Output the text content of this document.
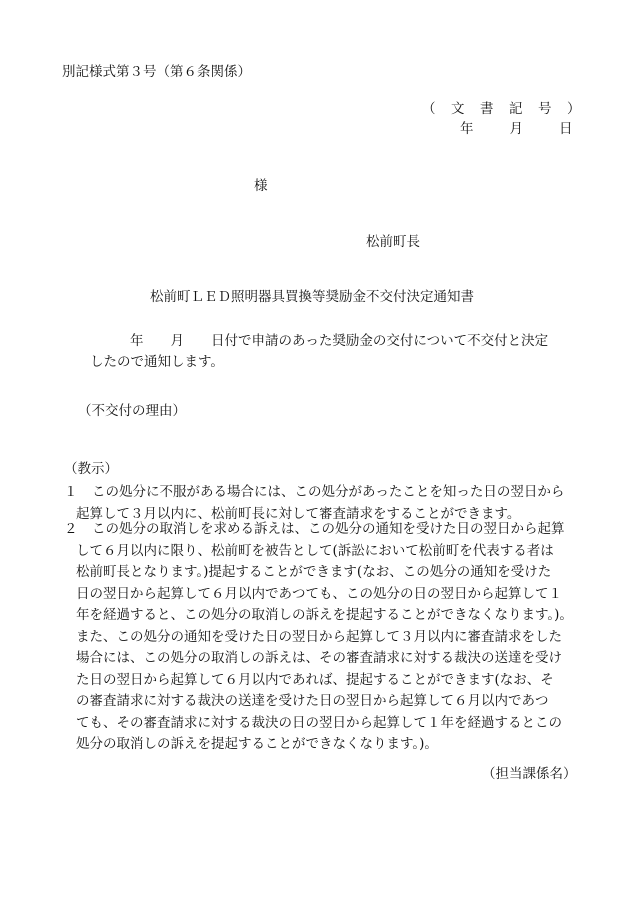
別記様式第３号（第６条関係）
（　文　書　記　号　）
年	月	日
様
松前町長
松前町ＬＥＤ照明器具買換等奨励金不交付決定通知書
年　　月　　日付で申請のあった奨励金の交付について不交付と決定
したので通知します。
（不交付の理由）
（教示）
１	この処分に不服がある場合には、この処分があったことを知った日の翌日から
起算して３月以内に、松前町長に対して審査請求をすることができます。
２	この処分の取消しを求める訴えは、この処分の通知を受けた日の翌日から起算
して６月以内に限り、松前町を被告として(訴訟において松前町を代表する者は
松前町長となります。)提起することができます(なお、この処分の通知を受けた
日の翌日から起算して６月以内であつても、この処分の日の翌日から起算して１
年を経過すると、この処分の取消しの訴えを提起することができなくなります。)。
また、この処分の通知を受けた日の翌日から起算して３月以内に審査請求をした
場合には、この処分の取消しの訴えは、その審査請求に対する裁決の送達を受け
た日の翌日から起算して６月以内であれば、提起することができます(なお、そ
の審査請求に対する裁決の送達を受けた日の翌日から起算して６月以内であつ
ても、その審査請求に対する裁決の日の翌日から起算して１年を経過するとこの
処分の取消しの訴えを提起することができなくなります。)。
（担当課係名）
